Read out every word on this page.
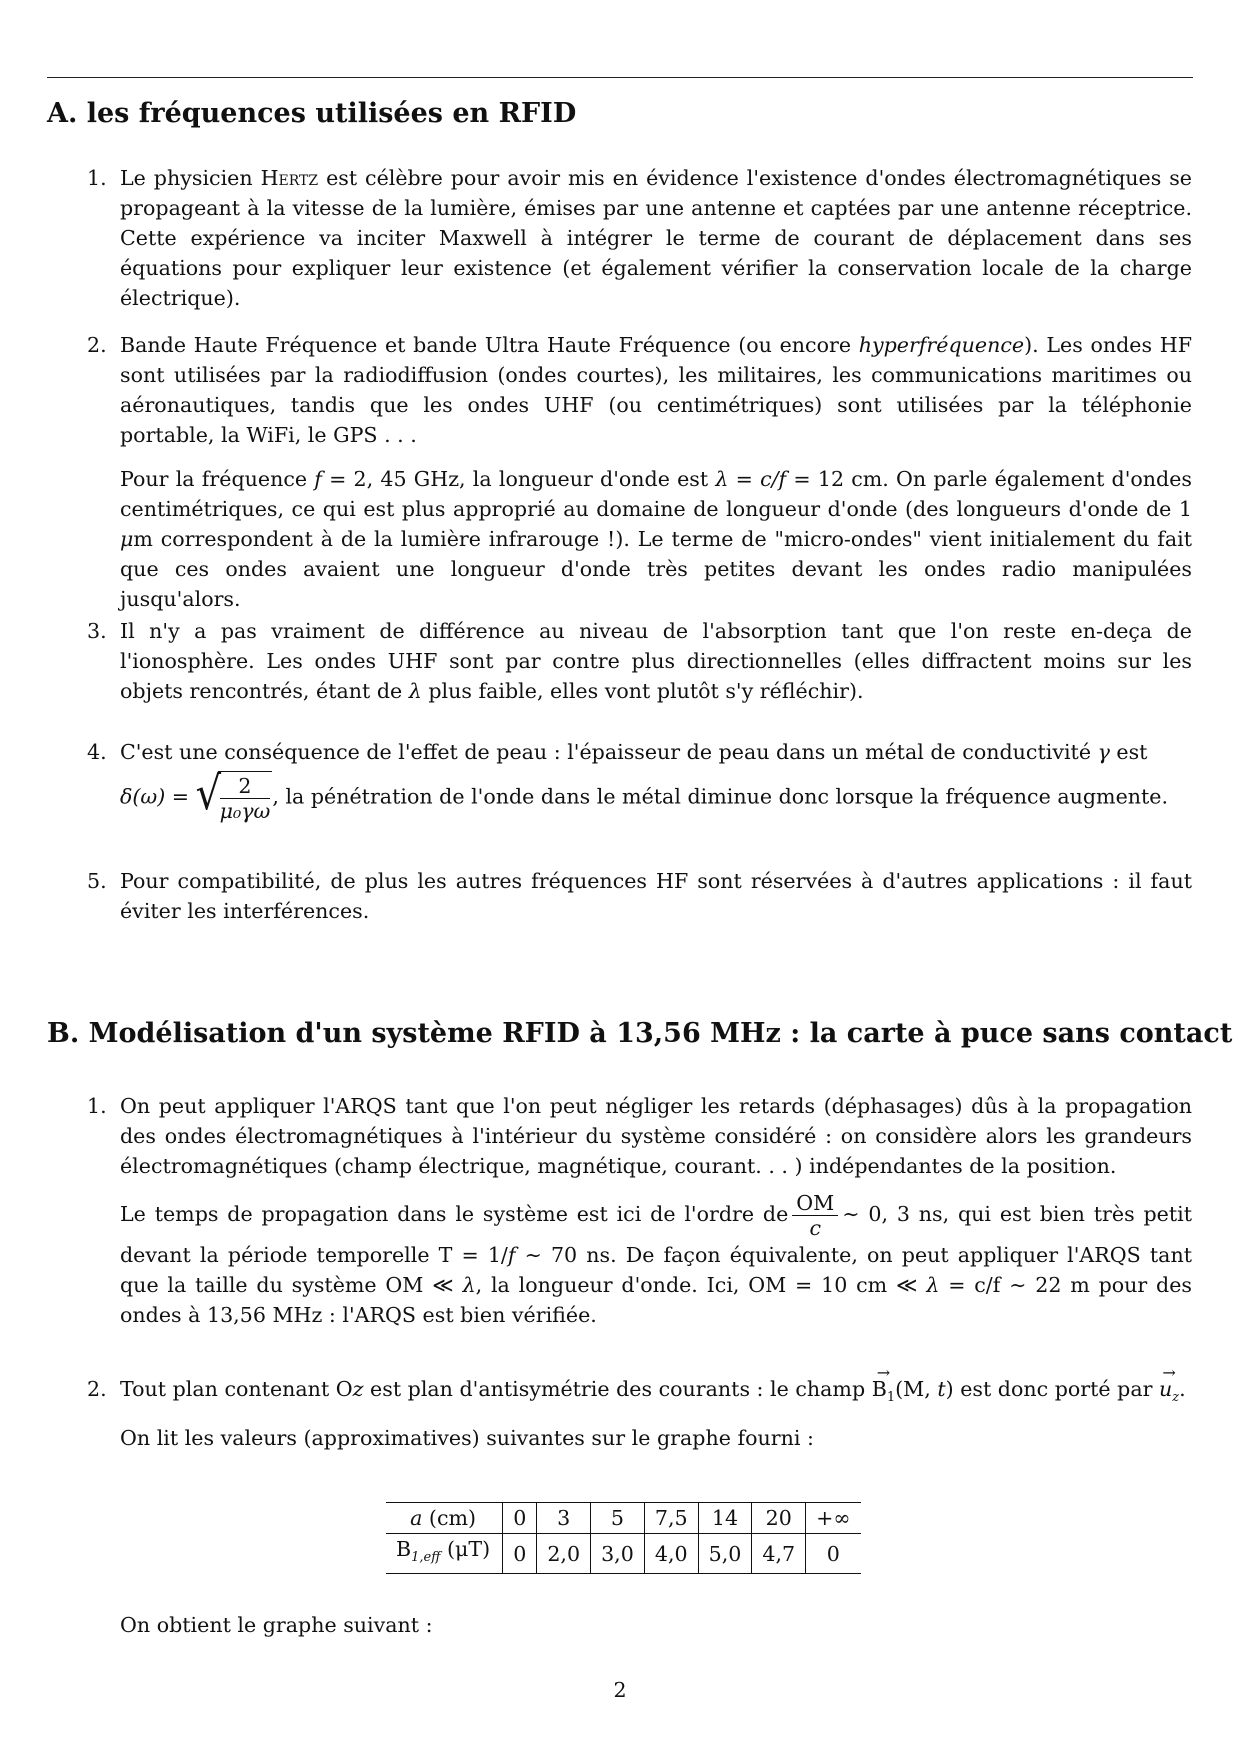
A. les fréquences utilisées en RFID
1. Le physicien Hertz est célèbre pour avoir mis en évidence l'existence d'ondes électromagnétiques se propageant à la vitesse de la lumière, émises par une antenne et captées par une antenne réceptrice. Cette expérience va inciter Maxwell à intégrer le terme de courant de déplacement dans ses équations pour expliquer leur existence (et également vérifier la conservation locale de la charge électrique).

2. Bande Haute Fréquence et bande Ultra Haute Fréquence (ou encore hyperfréquence). Les ondes HF sont utilisées par la radiodiffusion (ondes courtes), les militaires, les communications maritimes ou aéronautiques, tandis que les ondes UHF (ou centimétriques) sont utilisées par la téléphonie portable, la WiFi, le GPS . . .

Pour la fréquence f = 2, 45 GHz, la longueur d'onde est λ = c/f = 12 cm. On parle également d'ondes centimétriques, ce qui est plus approprié au domaine de longueur d'onde (des longueurs d'onde de 1 μm correspondent à de la lumière infrarouge !). Le terme de "micro-ondes" vient initialement du fait que ces ondes avaient une longueur d'onde très petites devant les ondes radio manipulées jusqu'alors.

3. Il n'y a pas vraiment de différence au niveau de l'absorption tant que l'on reste en-deça de l'ionosphère. Les ondes UHF sont par contre plus directionnelles (elles diffractent moins sur les objets rencontrés, étant de λ plus faible, elles vont plutôt s'y réfléchir).

4. C'est une conséquence de l'effet de peau : l'épaisseur de peau dans un métal de conductivité γ est

δ(ω) = √
$\frac{2}{\text{μ₀γω}}$ , la pénétration de l'onde dans le métal diminue donc lorsque la fréquence augmente.

5. Pour compatibilité, de plus les autres fréquences HF sont réservées à d'autres applications : il faut éviter les interférences.

B. Modélisation d'un système RFID à 13,56 MHz : la carte à puce sans contact
1. On peut appliquer l'ARQS tant que l'on peut négliger les retards (déphasages) dûs à la propagation des ondes électromagnétiques à l'intérieur du système considéré : on considère alors les grandeurs électromagnétiques (champ électrique, magnétique, courant. . . ) indépendantes de la position.

Le temps de propagation dans le système est ici de l'ordre de $\frac{OM}{c}$ ∼ 0, 3 ns, qui est bien très petit devant la période temporelle T = 1/f ∼ 70 ns. De façon équivalente, on peut appliquer l'ARQS tant que la taille du système OM ≪ λ, la longueur d'onde. Ici, OM = 10 cm ≪ λ = c/f ∼ 22 m pour des ondes à 13,56 MHz : l'ARQS est bien vérifiée.

2. Tout plan contenant Oz est plan d'antisymétrie des courants : le champ → $B_1(M$, t) est donc porté par → $u_z$.

On lit les valeurs (approximatives) suivantes sur le graphe fourni :

a (cm)	0	3	5	7,5	14	20	+∞
$B_{1,eff}$ (μT)	0	2,0	3,0	4,0	5,0	4,7	0

On obtient le graphe suivant :

2
